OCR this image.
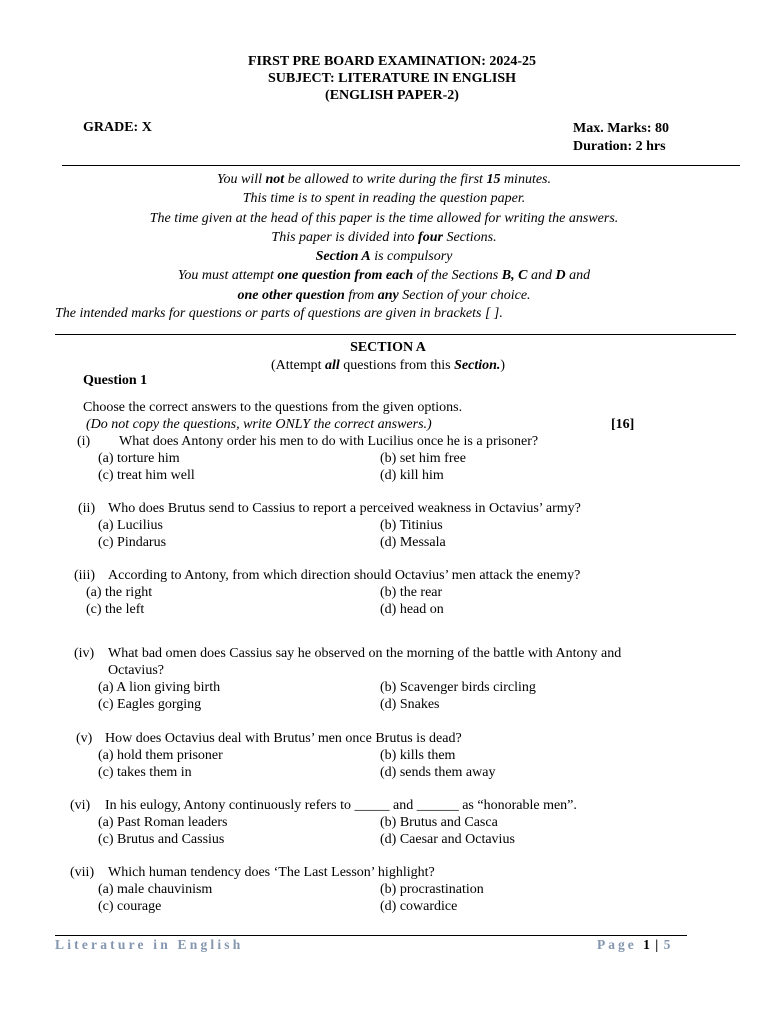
FIRST PRE BOARD EXAMINATION: 2024-25
SUBJECT: LITERATURE IN ENGLISH
(ENGLISH PAPER-2)
GRADE: X	Max. Marks: 80
Duration: 2 hrs
You will not be allowed to write during the first 15 minutes.
This time is to spent in reading the question paper.
The time given at the head of this paper is the time allowed for writing the answers.
This paper is divided into four Sections.
Section A is compulsory
You must attempt one question from each of the Sections B, C and D and
one other question from any Section of your choice.
The intended marks for questions or parts of questions are given in brackets [ ].
SECTION A
(Attempt all questions from this Section.)
Question 1
Choose the correct answers to the questions from the given options.
(Do not copy the questions, write ONLY the correct answers.)	[16]
(i) What does Antony order his men to do with Lucilius once he is a prisoner?
(a) torture him	(b) set him free
(c) treat him well	(d) kill him
(ii) Who does Brutus send to Cassius to report a perceived weakness in Octavius’ army?
(a) Lucilius	(b) Titinius
(c) Pindarus	(d) Messala
(iii) According to Antony, from which direction should Octavius’ men attack the enemy?
(a) the right	(b) the rear
(c) the left	(d) head on
(iv) What bad omen does Cassius say he observed on the morning of the battle with Antony and
Octavius?
(a) A lion giving birth	(b) Scavenger birds circling
(c) Eagles gorging	(d) Snakes
(v) How does Octavius deal with Brutus’ men once Brutus is dead?
(a) hold them prisoner	(b) kills them
(c) takes them in	(d) sends them away
(vi) In his eulogy, Antony continuously refers to _____ and ______ as “honorable men”.
(a) Past Roman leaders	(b) Brutus and Casca
(c) Brutus and Cassius	(d) Caesar and Octavius
(vii) Which human tendency does ‘The Last Lesson’ highlight?
(a) male chauvinism	(b) procrastination
(c) courage	(d) cowardice
Literature in English	Page 1 | 5
